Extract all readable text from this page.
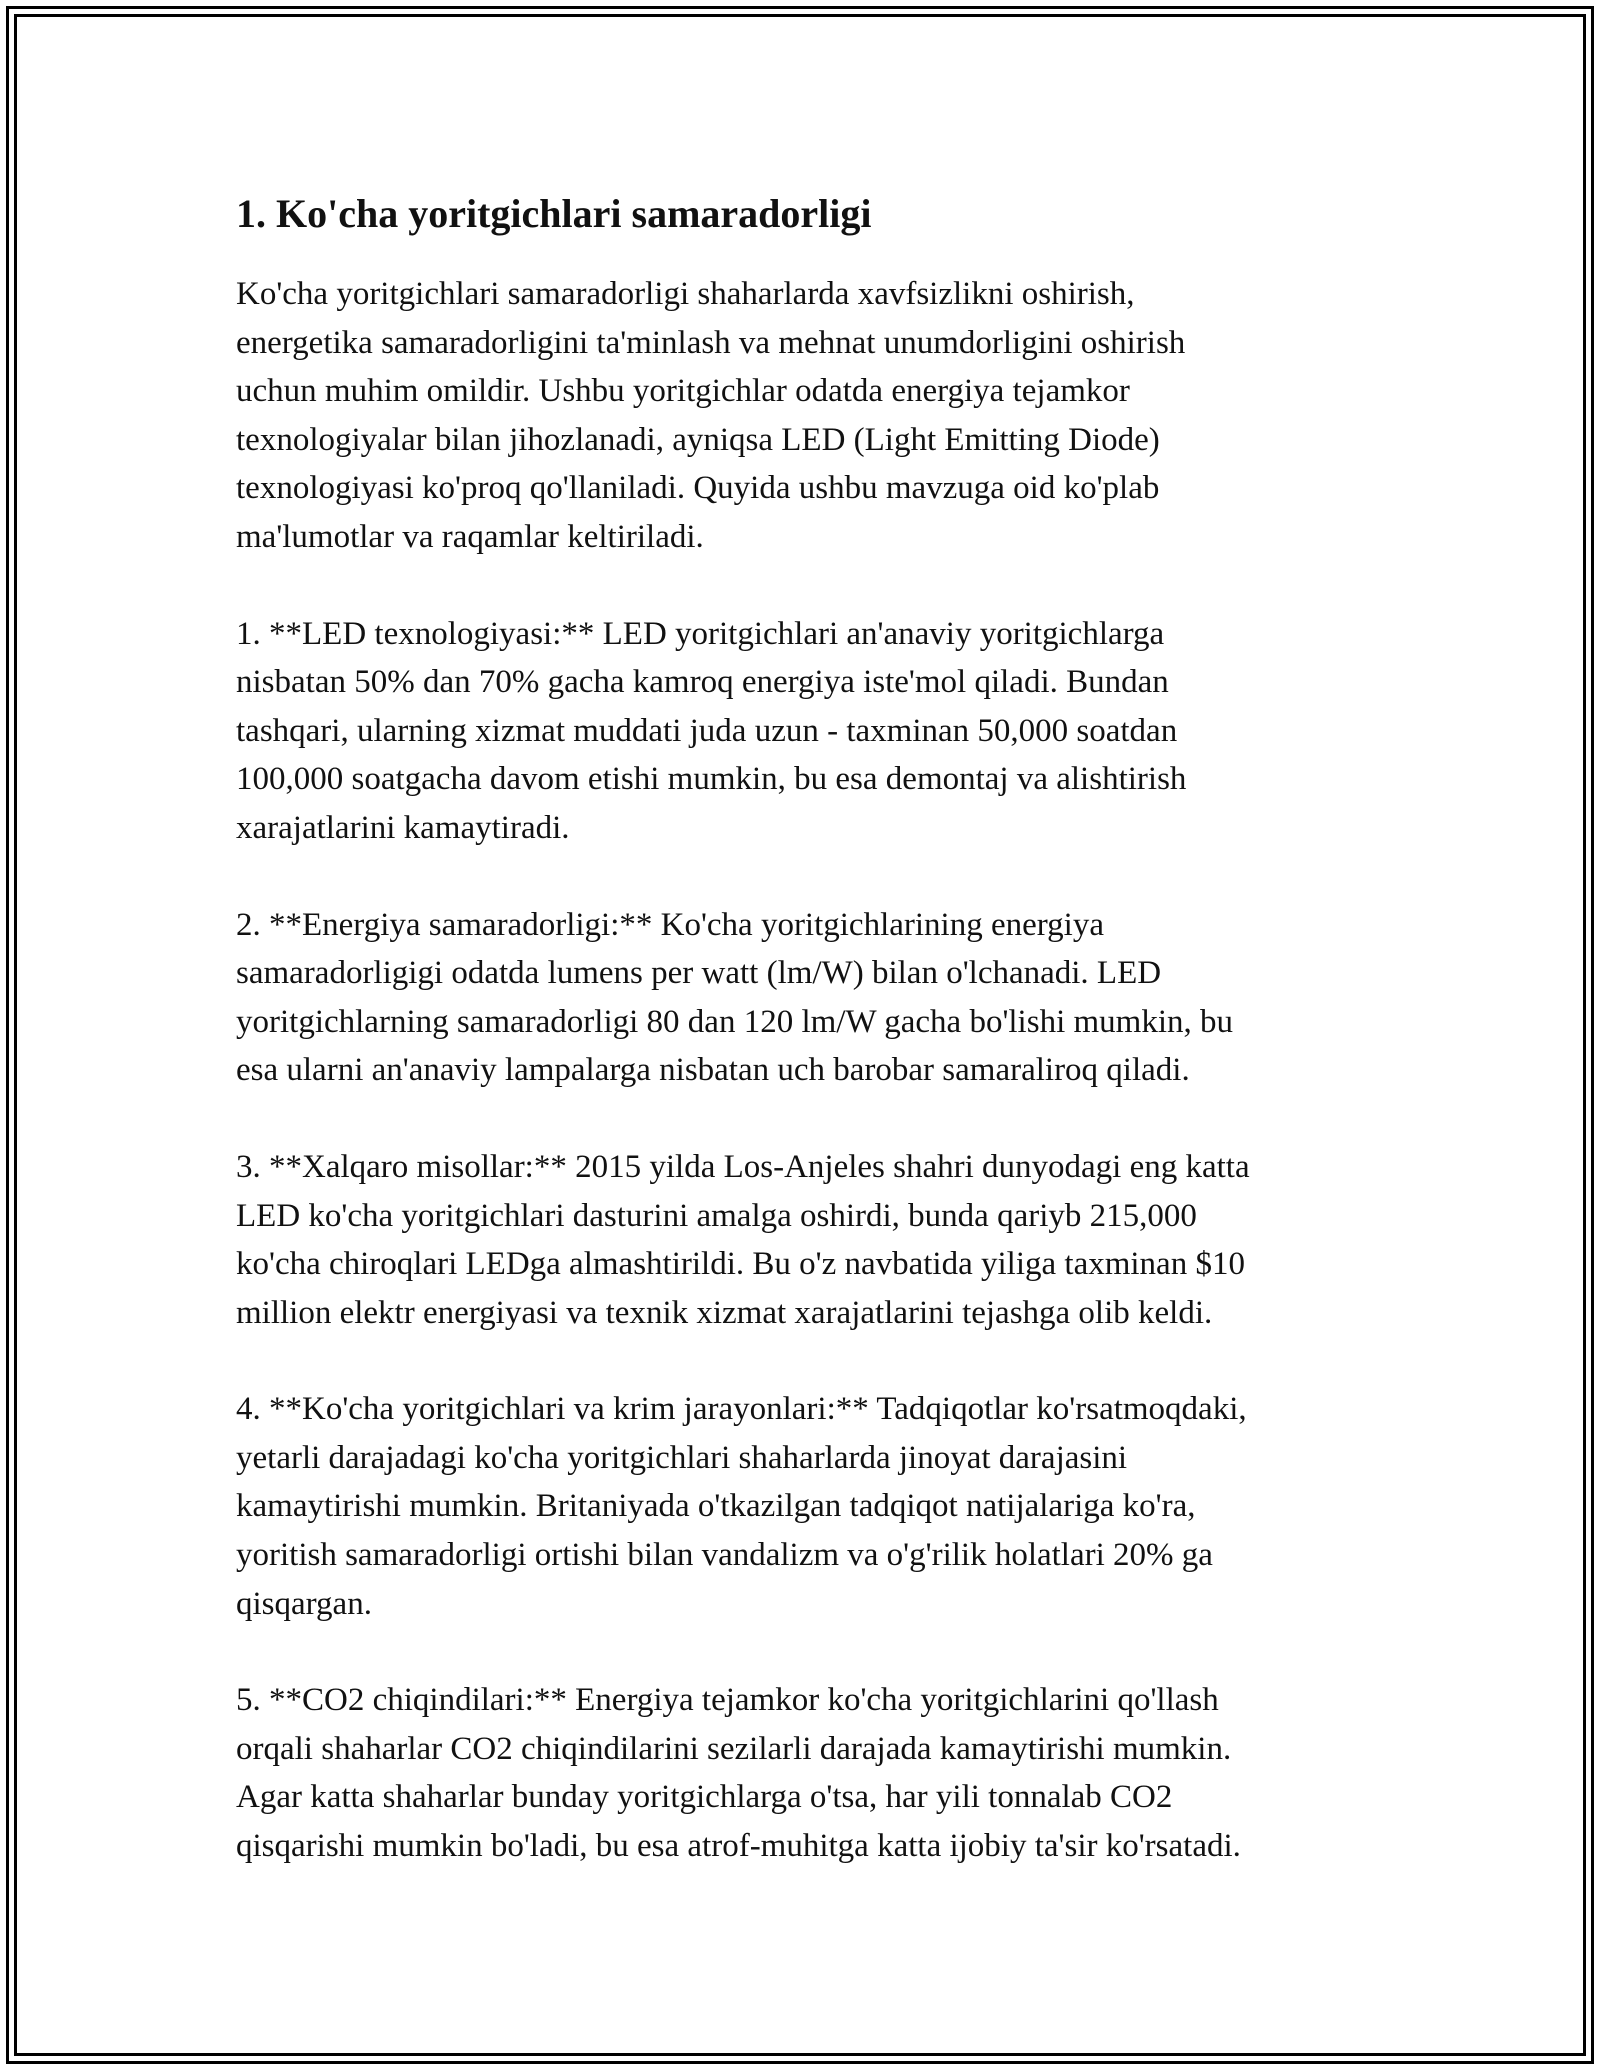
1. Ko'cha yoritgichlari samaradorligi

Ko'cha yoritgichlari samaradorligi shaharlarda xavfsizlikni oshirish,
energetika samaradorligini ta'minlash va mehnat unumdorligini oshirish
uchun muhim omildir. Ushbu yoritgichlar odatda energiya tejamkor
texnologiyalar bilan jihozlanadi, ayniqsa LED (Light Emitting Diode)
texnologiyasi ko'proq qo'llaniladi. Quyida ushbu mavzuga oid ko'plab
ma'lumotlar va raqamlar keltiriladi.

1. **LED texnologiyasi:** LED yoritgichlari an'anaviy yoritgichlarga
nisbatan 50% dan 70% gacha kamroq energiya iste'mol qiladi. Bundan
tashqari, ularning xizmat muddati juda uzun - taxminan 50,000 soatdan
100,000 soatgacha davom etishi mumkin, bu esa demontaj va alishtirish
xarajatlarini kamaytiradi.

2. **Energiya samaradorligi:** Ko'cha yoritgichlarining energiya
samaradorligigi odatda lumens per watt (lm/W) bilan o'lchanadi. LED
yoritgichlarning samaradorligi 80 dan 120 lm/W gacha bo'lishi mumkin, bu
esa ularni an'anaviy lampalarga nisbatan uch barobar samaraliroq qiladi.

3. **Xalqaro misollar:** 2015 yilda Los-Anjeles shahri dunyodagi eng katta
LED ko'cha yoritgichlari dasturini amalga oshirdi, bunda qariyb 215,000
ko'cha chiroqlari LEDga almashtirildi. Bu o'z navbatida yiliga taxminan $10
million elektr energiyasi va texnik xizmat xarajatlarini tejashga olib keldi.

4. **Ko'cha yoritgichlari va krim jarayonlari:** Tadqiqotlar ko'rsatmoqdaki,
yetarli darajadagi ko'cha yoritgichlari shaharlarda jinoyat darajasini
kamaytirishi mumkin. Britaniyada o'tkazilgan tadqiqot natijalariga ko'ra,
yoritish samaradorligi ortishi bilan vandalizm va o'g'rilik holatlari 20% ga
qisqargan.

5. **CO2 chiqindilari:** Energiya tejamkor ko'cha yoritgichlarini qo'llash
orqali shaharlar CO2 chiqindilarini sezilarli darajada kamaytirishi mumkin.
Agar katta shaharlar bunday yoritgichlarga o'tsa, har yili tonnalab CO2
qisqarishi mumkin bo'ladi, bu esa atrof-muhitga katta ijobiy ta'sir ko'rsatadi.
